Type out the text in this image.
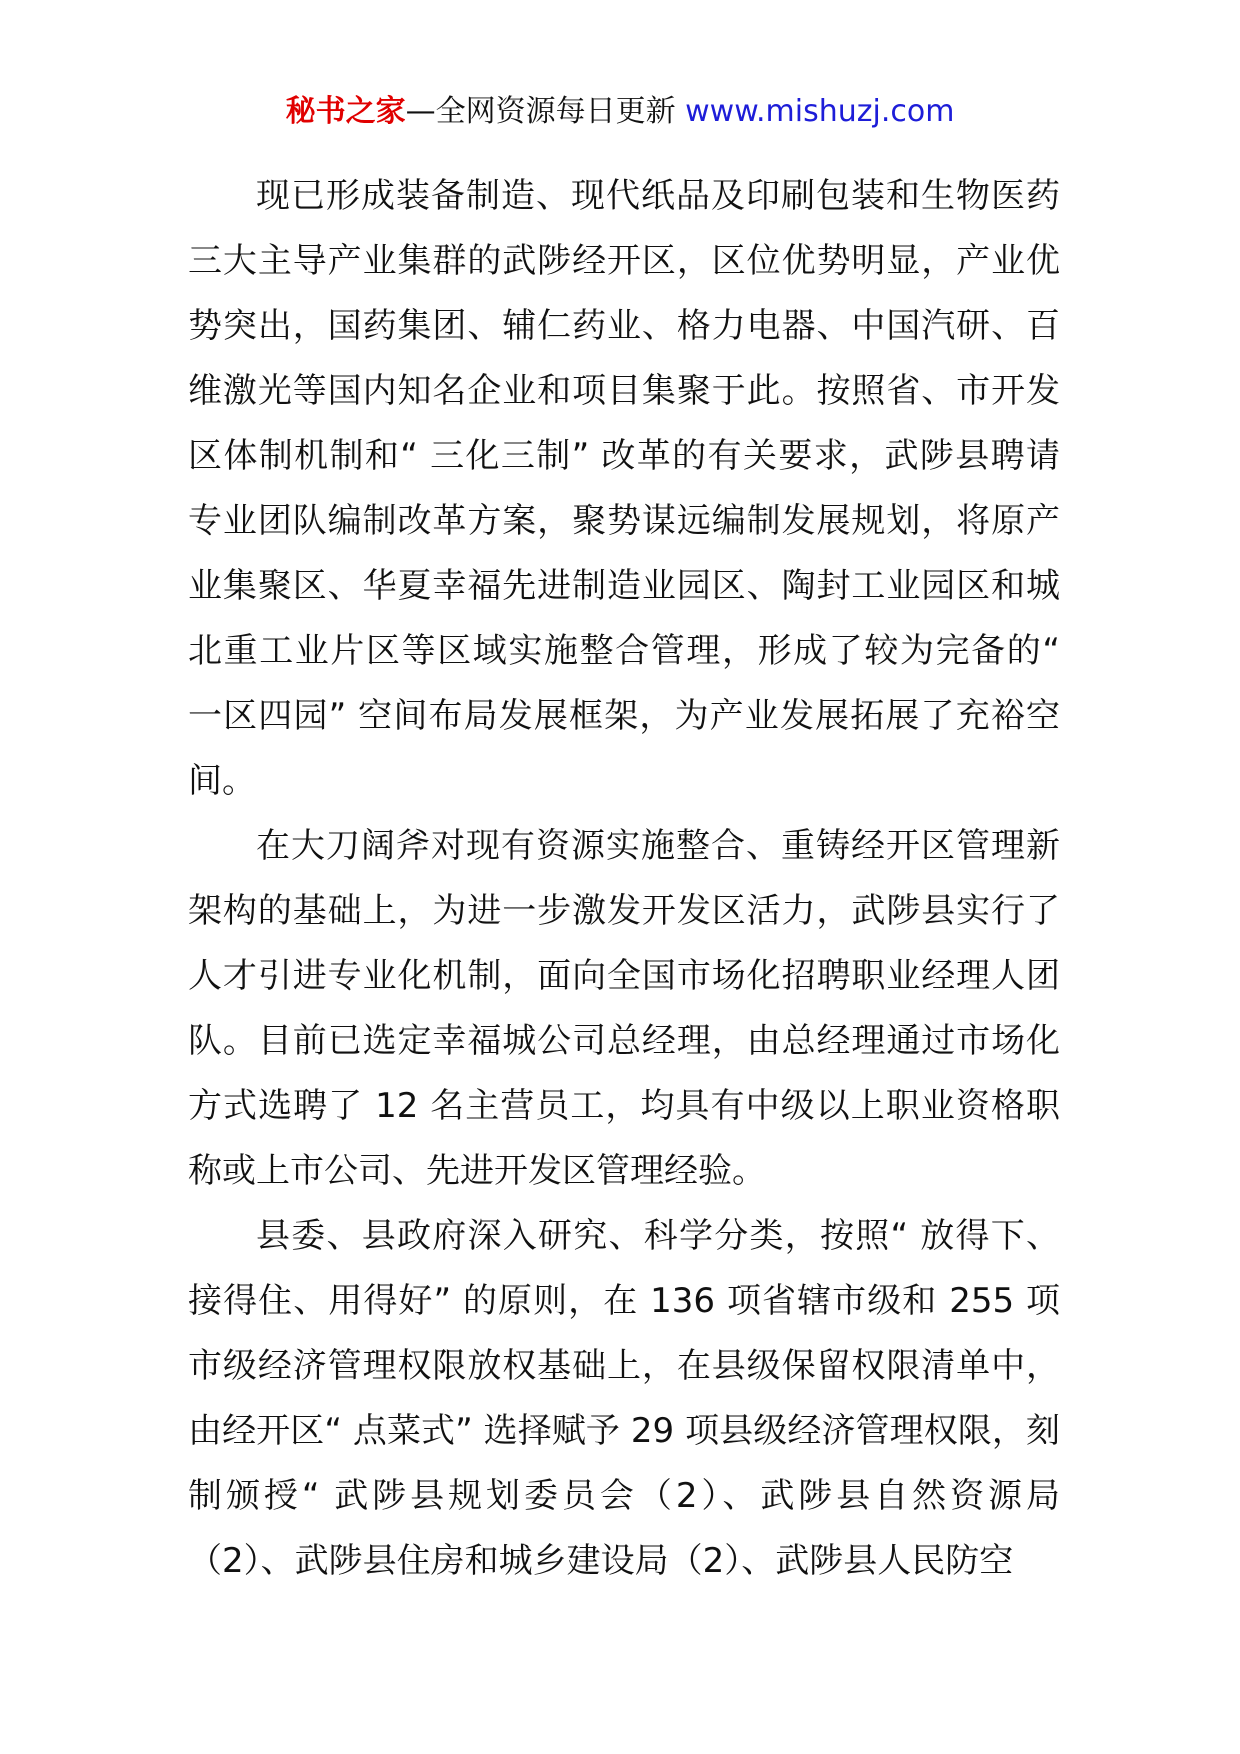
秘书之家—全网资源每日更新 www.mishuzj.com

现已形成装备制造、现代纸品及印刷包装和生物医药三大主导产业集群的武陟经开区，区位优势明显，产业优势突出，国药集团、辅仁药业、格力电器、中国汽研、百维激光等国内知名企业和项目集聚于此。按照省、市开发区体制机制和“ 三化三制” 改革的有关要求，武陟县聘请专业团队编制改革方案，聚势谋远编制发展规划，将原产业集聚区、华夏幸福先进制造业园区、陶封工业园区和城北重工业片区等区域实施整合管理，形成了较为完备的“ 一区四园” 空间布局发展框架，为产业发展拓展了充裕空间。

在大刀阔斧对现有资源实施整合、重铸经开区管理新架构的基础上，为进一步激发开发区活力，武陟县实行了人才引进专业化机制，面向全国市场化招聘职业经理人团队。目前已选定幸福城公司总经理，由总经理通过市场化方式选聘了 12 名主营员工，均具有中级以上职业资格职称或上市公司、先进开发区管理经验。

县委、县政府深入研究、科学分类，按照“ 放得下、接得住、用得好” 的原则，在 136 项省辖市级和 255 项市级经济管理权限放权基础上，在县级保留权限清单中，由经开区“ 点菜式” 选择赋予 29 项县级经济管理权限，刻制颁授“ 武陟县规划委员会（2）、武陟县自然资源局（2）、武陟县住房和城乡建设局（2）、武陟县人民防空
